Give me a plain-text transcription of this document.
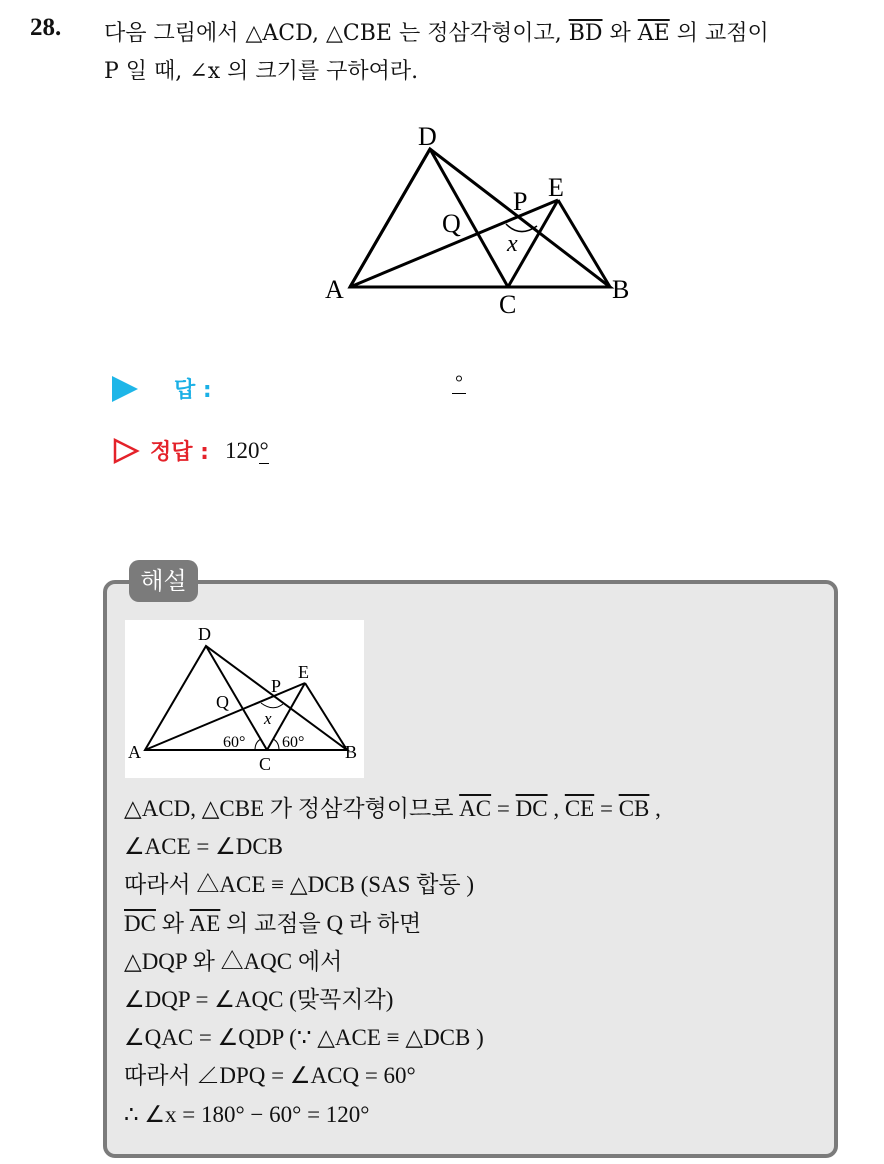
28. 다음 그림에서 △ACD, △CBE 는 정삼각형이고, $\overline{BD}$ 와 $\overline{AE}$ 의 교점이
P 일 때, ∠x 의 크기를 구하여라.
D
E
P
Q
A
C
B
x
답 :	°
정답 : 120°
해설
D
E
P
Q
A
C
B
x
60° 60°
△ACD, △CBE 가 정삼각형이므로 $\overline{AC} = \overline{DC}$ , $\overline{CE} = \overline{CB}$ ,
∠ACE = ∠DCB
따라서 △ACE ≡ △DCB (SAS 합동 )
$\overline{DC}$ 와 $\overline{AE}$ 의 교점을 Q 라 하면
△DQP 와 △AQC 에서
∠DQP = ∠AQC (맞꼭지각)
∠QAC = ∠QDP (∵ △ACE ≡ △DCB )
따라서 ∠DPQ = ∠ACQ = 60°
∴ ∠x = 180° − 60° = 120°
